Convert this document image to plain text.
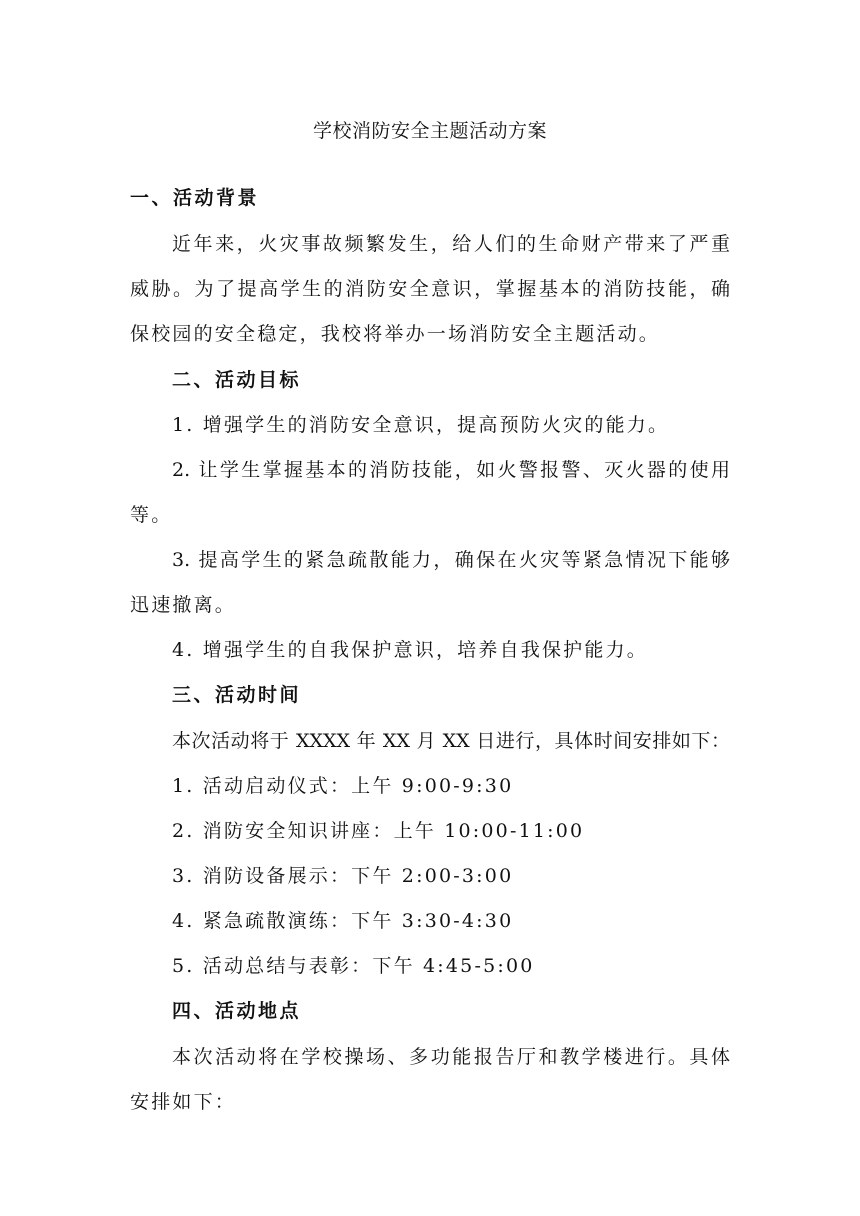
学校消防安全主题活动方案
一、活动背景
近年来，火灾事故频繁发生，给人们的生命财产带来了严重
威胁。为了提高学生的消防安全意识，掌握基本的消防技能，确
保校园的安全稳定，我校将举办一场消防安全主题活动。
二、活动目标
1. 增强学生的消防安全意识，提高预防火灾的能力。
2. 让学生掌握基本的消防技能，如火警报警、灭火器的使用
等。
3. 提高学生的紧急疏散能力，确保在火灾等紧急情况下能够
迅速撤离。
4. 增强学生的自我保护意识，培养自我保护能力。
三、活动时间
本次活动将于 XXXX 年 XX 月 XX 日进行，具体时间安排如下：
1. 活动启动仪式：上午 9:00-9:30
2. 消防安全知识讲座：上午 10:00-11:00
3. 消防设备展示：下午 2:00-3:00
4. 紧急疏散演练：下午 3:30-4:30
5. 活动总结与表彰：下午 4:45-5:00
四、活动地点
本次活动将在学校操场、多功能报告厅和教学楼进行。具体
安排如下：
